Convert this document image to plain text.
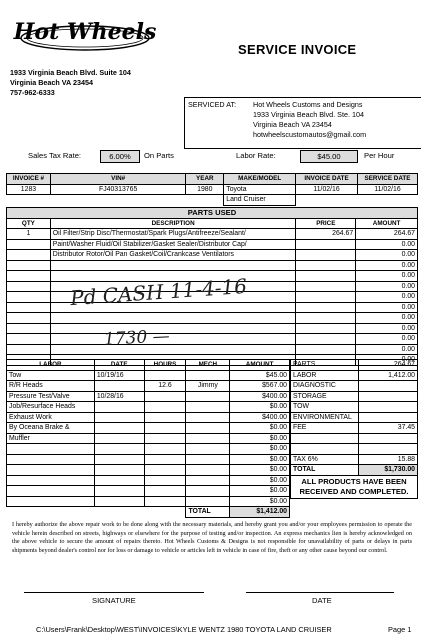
Hot Wheels
SERVICE INVOICE
1933 Virginia Beach Blvd. Suite 104
Virginia Beach VA 23454
757-962-6333
SERVICED AT: Hot Wheels Customs and Designs
1933 Virginia Beach Blvd. Ste. 104
Virginia Beach VA 23454
hotwheelscustomautos@gmail.com
Sales Tax Rate:	6.00%	On Parts	Labor Rate:	$45.00	Per Hour
INVOICE #	VIN#	YEAR	MAKE/MODEL	INVOICE DATE	SERVICE DATE
1283	FJ40313765	1980	Toyota	11/02/16	11/02/16
			Land Cruiser		
PARTS USED			
QTY	DESCRIPTION	PRICE	AMOUNT
1	Oil Filter/Strip Disc/Thermostat/Spark Plugs/Antifreeze/Sealant/	264.67	264.67
	Paint/Washer Fluid/Oil Stabilizer/Gasket Sealer/Distributor Cap/		0.00
	Distributor Rotor/Oil Pan Gasket/Coil/Crankcase Ventilators		0.00
			0.00
			0.00
			0.00
			0.00
			0.00
			0.00
			0.00
			0.00
			0.00
			0.00
Pd CASH 11-4-16
1730 —
LABOR	DATE	HOURS	MECH	AMOUNT
Tow	10/19/16			$45.00
R/R Heads		12.6	Jimmy	$567.00
Pressure Test/Valve	10/28/16			$400.00
Job/Resurface Heads				$0.00
Exhaust Work				$400.00
By Oceana Brake &				$0.00
Muffler				$0.00
				$0.00
				$0.00
				$0.00
				$0.00
				$0.00
				$0.00
			TOTAL	$1,412.00
PARTS	264.67
LABOR	1,412.00
DIAGNOSTIC	
STORAGE	
TOW	
ENVIRONMENTAL	
FEE	37.45

TAX 6%	15.88
TOTAL	$1,730.00
ALL PRODUCTS HAVE BEEN RECEIVED AND COMPLETED.	
I hereby authorize the above repair work to be done along with the necessary materials, and hereby grant you and/or your employees permission to operate the vehicle herein described on streets, highways or elsewhere for the purpose of testing and/or inspection. An express mechanics lien is hereby acknowledged on the above vehicle to secure the amount of repairs thereto. Hot Wheels Customs & Designs is not responsible for unavailability of parts or delays in parts shipments beyond dealer's control nor for loss or damage to vehicle or articles left in vehicle in case of fire, theft or any other cause beyond our control.
SIGNATURE	DATE
C:\Users\Frank\Desktop\WEST\INVOICES\KYLE WENTZ 1980 TOYOTA LAND CRUISER	Page 1
